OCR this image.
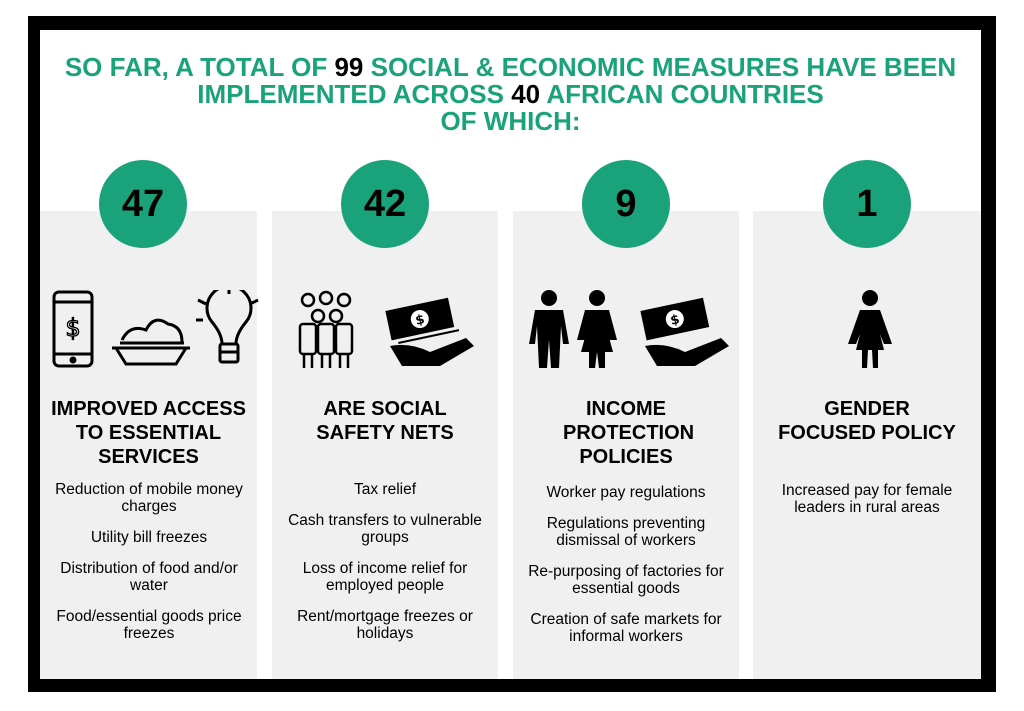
SO FAR, A TOTAL OF 99 SOCIAL & ECONOMIC MEASURES HAVE BEEN
IMPLEMENTED ACROSS 40 AFRICAN COUNTRIES
OF WHICH:
47	42	9	1
$	$	$
IMPROVED ACCESS TO ESSENTIAL SERVICES
ARE SOCIAL SAFETY NETS
INCOME PROTECTION POLICIES
GENDER FOCUSED POLICY
Reduction of mobile money charges
Utility bill freezes
Distribution of food and/or water
Food/essential goods price freezes
Tax relief
Cash transfers to vulnerable groups
Loss of income relief for employed people
Rent/mortgage freezes or holidays
Worker pay regulations
Regulations preventing dismissal of workers
Re-purposing of factories for essential goods
Creation of safe markets for informal workers
Increased pay for female leaders in rural areas
